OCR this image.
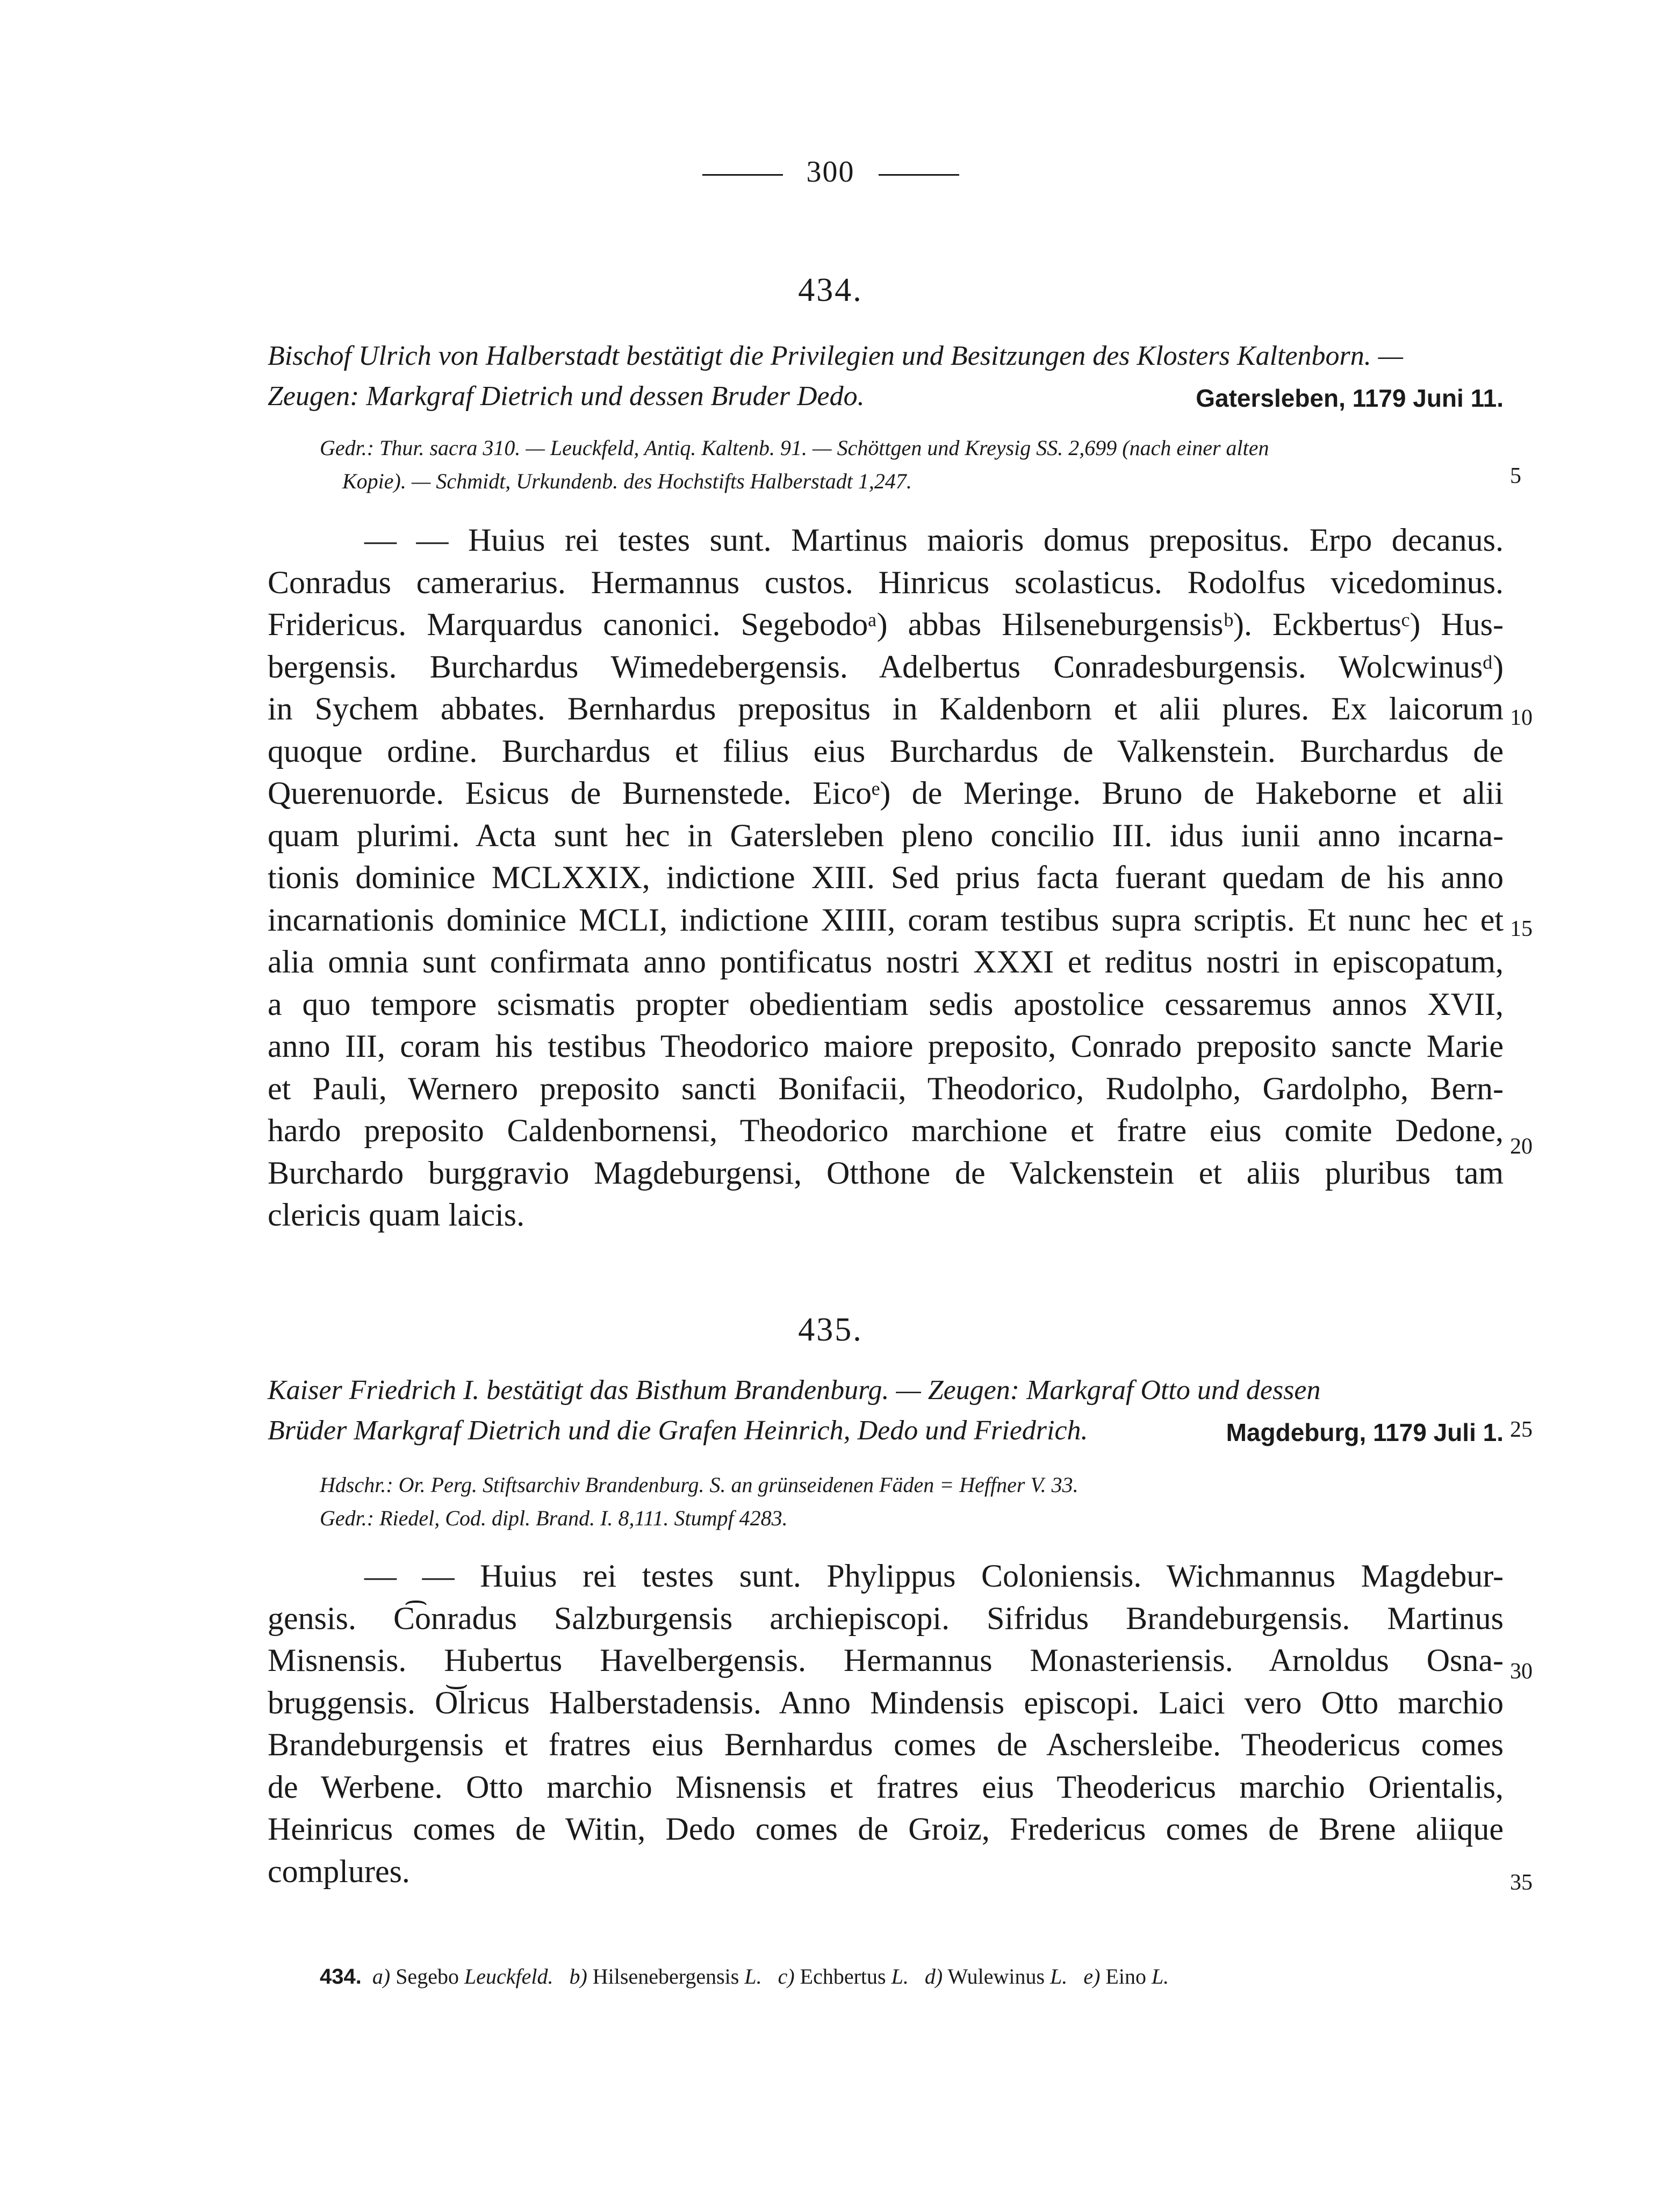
300
434.
Bischof Ulrich von Halberstadt bestätigt die Privilegien und Besitzungen des Klosters Kaltenborn. —
Zeugen: Markgraf Dietrich und dessen Bruder Dedo.	Gatersleben, 1179 Juni 11.
Gedr.: Thur. sacra 310. — Leuckfeld, Antiq. Kaltenb. 91. — Schöttgen und Kreysig SS. 2,699 (nach einer alten
Kopie). — Schmidt, Urkundenb. des Hochstifts Halberstadt 1,247.
— — Huius rei testes sunt. Martinus maioris domus prepositus. Erpo decanus.
Conradus camerarius. Hermannus custos. Hinricus scolasticus. Rodolfus vicedominus.
Fridericus. Marquardus canonici. Segebodoᵃ) abbas Hilseneburgensisᵇ). Eckbertusᶜ) Hus-
bergensis. Burchardus Wimedebergensis. Adelbertus Conradesburgensis. Wolcwinusᵈ)
in Sychem abbates. Bernhardus prepositus in Kaldenborn et alii plures. Ex laicorum
quoque ordine. Burchardus et filius eius Burchardus de Valkenstein. Burchardus de
Querenuorde. Esicus de Burnenstede. Eicoᵉ) de Meringe. Bruno de Hakeborne et alii
quam plurimi. Acta sunt hec in Gatersleben pleno concilio III. idus iunii anno incarna-
tionis dominice MCLXXIX, indictione XIII. Sed prius facta fuerant quedam de his anno
incarnationis dominice MCLI, indictione XIIII, coram testibus supra scriptis. Et nunc hec et
alia omnia sunt confirmata anno pontificatus nostri XXXI et reditus nostri in episcopatum,
a quo tempore scismatis propter obedientiam sedis apostolice cessaremus annos XVII,
anno III, coram his testibus Theodorico maiore preposito, Conrado preposito sancte Marie
et Pauli, Wernero preposito sancti Bonifacii, Theodorico, Rudolpho, Gardolpho, Bern-
hardo preposito Caldenbornensi, Theodorico marchione et fratre eius comite Dedone,
Burchardo burggravio Magdeburgensi, Otthone de Valckenstein et aliis pluribus tam
clericis quam laicis.
435.
Kaiser Friedrich I. bestätigt das Bisthum Brandenburg. — Zeugen: Markgraf Otto und dessen
Brüder Markgraf Dietrich und die Grafen Heinrich, Dedo und Friedrich.	Magdeburg, 1179 Juli 1.
Hdschr.: Or. Perg. Stiftsarchiv Brandenburg. S. an grünseidenen Fäden = Heffner V. 33.
Gedr.: Riedel, Cod. dipl. Brand. I. 8,111. Stumpf 4283.
— — Huius rei testes sunt. Phylippus Coloniensis. Wichmannus Magdebur-
gensis. C͡onradus Salzburgensis archiepiscopi. Sifridus Brandeburgensis. Martinus
Misnensis. Hubertus Havelbergensis. Hermannus Monasteriensis. Arnoldus Osna-
bruggensis. O͝lricus Halberstadensis. Anno Mindensis episcopi. Laici vero Otto marchio
Brandeburgensis et fratres eius Bernhardus comes de Aschersleibe. Theodericus comes
de Werbene. Otto marchio Misnensis et fratres eius Theodericus marchio Orientalis,
Heinricus comes de Witin, Dedo comes de Groiz, Fredericus comes de Brene aliique
complures.
5
10
15
20
25
30
35
434. a) Segebo Leuckfeld. b) Hilsenebergensis L. c) Echbertus L. d) Wulewinus L. e) Eino L.
